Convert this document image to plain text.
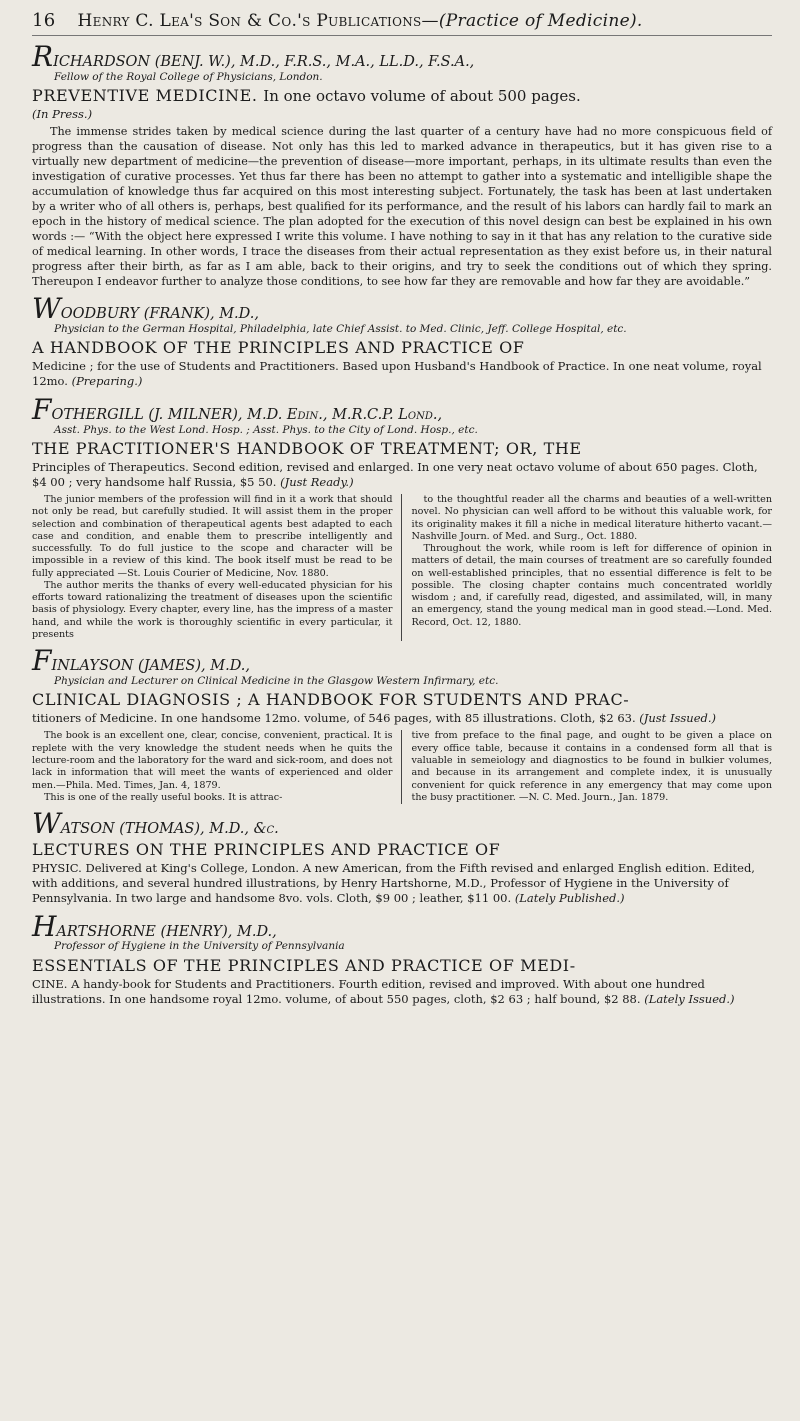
16 Henry C. Lea's Son & Co.'s Publications—(Practice of Medicine).
RICHARDSON (BENJ. W.), M.D., F.R.S., M.A., LL.D., F.S.A.,
Fellow of the Royal College of Physicians, London.
PREVENTIVE MEDICINE. In one octavo volume of about 500 pages.
(In Press.)

The immense strides taken by medical science during the last quarter of a century have had no more conspicuous field of progress than the causation of disease. Not only has this led to marked advance in therapeutics, but it has given rise to a virtually new department of medicine—the prevention of disease—more important, perhaps, in its ultimate results than even the investigation of curative processes. Yet thus far there has been no attempt to gather into a systematic and intelligible shape the accumulation of knowledge thus far acquired on this most interesting subject. Fortunately, the task has been at last undertaken by a writer who of all others is, perhaps, best qualified for its performance, and the result of his labors can hardly fail to mark an epoch in the history of medical science. The plan adopted for the execution of this novel design can best be explained in his own words :— “With the object here expressed I write this volume. I have nothing to say in it that has any relation to the curative side of medical learning. In other words, I trace the diseases from their actual representation as they exist before us, in their natural progress after their birth, as far as I am able, back to their origins, and try to seek the conditions out of which they spring. Thereupon I endeavor further to analyze those conditions, to see how far they are removable and how far they are avoidable.”

WOODBURY (FRANK), M.D.,
Physician to the German Hospital, Philadelphia, late Chief Assist. to Med. Clinic, Jeff. College Hospital, etc.
A HANDBOOK OF THE PRINCIPLES AND PRACTICE OF
Medicine ; for the use of Students and Practitioners. Based upon Husband's Handbook of Practice. In one neat volume, royal 12mo. (Preparing.)
FOTHERGILL (J. MILNER), M.D. Edin., M.R.C.P. Lond.,
Asst. Phys. to the West Lond. Hosp. ; Asst. Phys. to the City of Lond. Hosp., etc.
THE PRACTITIONER'S HANDBOOK OF TREATMENT; OR, THE
Principles of Therapeutics. Second edition, revised and enlarged. In one very neat octavo volume of about 650 pages. Cloth, $4 00 ; very handsome half Russia, $5 50. (Just Ready.)

The junior members of the profession will find in it a work that should not only be read, but carefully studied. It will assist them in the proper selection and combination of therapeutical agents best adapted to each case and condition, and enable them to prescribe intelligently and successfully. To do full justice to the scope and character will be impossible in a review of this kind. The book itself must be read to be fully appreciated —St. Louis Courier of Medicine, Nov. 1880.

The author merits the thanks of every well-educated physician for his efforts toward rationalizing the treatment of diseases upon the scientific basis of physiology. Every chapter, every line, has the impress of a master hand, and while the work is thoroughly scientific in every particular, it presents

to the thoughtful reader all the charms and beauties of a well-written novel. No physician can well afford to be without this valuable work, for its originality makes it fill a niche in medical literature hitherto vacant.—Nashville Journ. of Med. and Surg., Oct. 1880.

Throughout the work, while room is left for difference of opinion in matters of detail, the main courses of treatment are so carefully founded on well-established principles, that no essential difference is felt to be possible. The closing chapter contains much concentrated worldly wisdom ; and, if carefully read, digested, and assimilated, will, in many an emergency, stand the young medical man in good stead.—Lond. Med. Record, Oct. 12, 1880.

FINLAYSON (JAMES), M.D.,
Physician and Lecturer on Clinical Medicine in the Glasgow Western Infirmary, etc.
CLINICAL DIAGNOSIS ; A HANDBOOK FOR STUDENTS AND PRAC-
titioners of Medicine. In one handsome 12mo. volume, of 546 pages, with 85 illustrations. Cloth, $2 63. (Just Issued.)

The book is an excellent one, clear, concise, convenient, practical. It is replete with the very knowledge the student needs when he quits the lecture-room and the laboratory for the ward and sick-room, and does not lack in information that will meet the wants of experienced and older men.—Phila. Med. Times, Jan. 4, 1879.

This is one of the really useful books. It is attrac-

tive from preface to the final page, and ought to be given a place on every office table, because it contains in a condensed form all that is valuable in semeiology and diagnostics to be found in bulkier volumes, and because in its arrangement and complete index, it is unusually convenient for quick reference in any emergency that may come upon the busy practitioner. —N. C. Med. Journ., Jan. 1879.
WATSON (THOMAS), M.D., &c.
LECTURES ON THE PRINCIPLES AND PRACTICE OF
PHYSIC. Delivered at King's College, London. A new American, from the Fifth revised and enlarged English edition. Edited, with additions, and several hundred illustrations, by Henry Hartshorne, M.D., Professor of Hygiene in the University of Pennsylvania. In two large and handsome 8vo. vols. Cloth, $9 00 ; leather, $11 00. (Lately Published.)
HARTSHORNE (HENRY), M.D.,
Professor of Hygiene in the University of Pennsylvania
ESSENTIALS OF THE PRINCIPLES AND PRACTICE OF MEDI-
CINE. A handy-book for Students and Practitioners. Fourth edition, revised and improved. With about one hundred illustrations. In one handsome royal 12mo. volume, of about 550 pages, cloth, $2 63 ; half bound, $2 88. (Lately Issued.)
